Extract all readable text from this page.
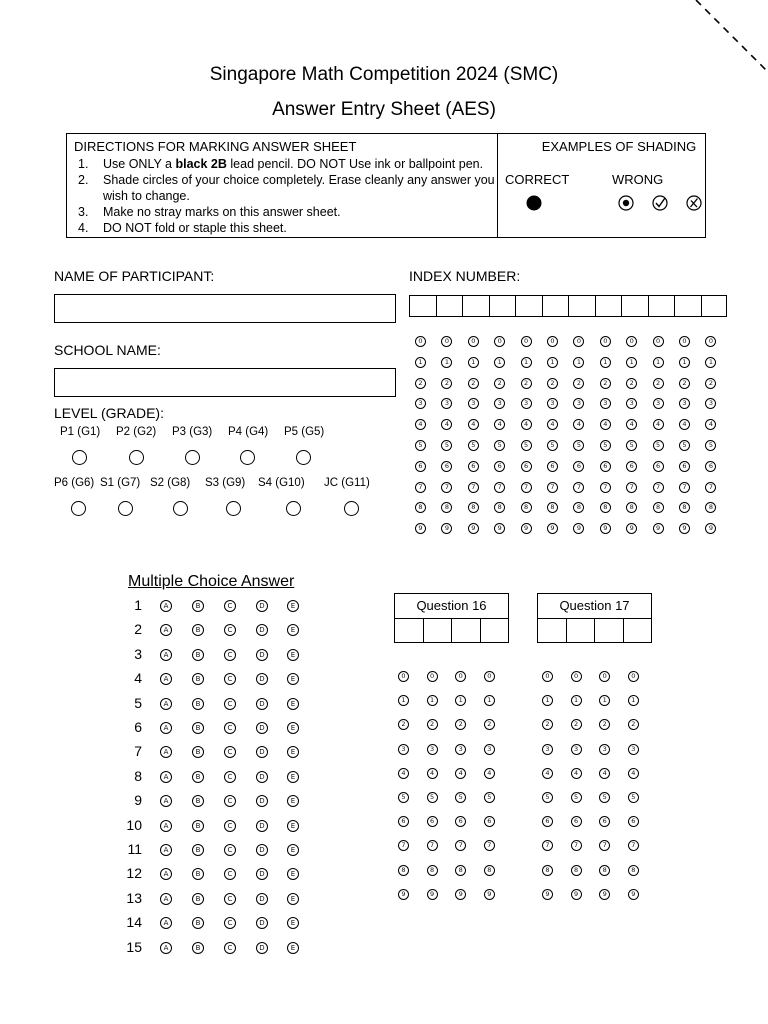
Singapore Math Competition 2024 (SMC)
Answer Entry Sheet (AES)
DIRECTIONS FOR MARKING ANSWER SHEET
1. Use ONLY a black 2B lead pencil. DO NOT Use ink or ballpoint pen.
2. Shade circles of your choice completely. Erase cleanly any answer you wish to change.
3. Make no stray marks on this answer sheet.
4. DO NOT fold or staple this sheet.
EXAMPLES OF SHADING
CORRECT	WRONG
NAME OF PARTICIPANT:
SCHOOL NAME:
INDEX NUMBER:
0	0	0	0	0	0	0	0	0	0	0	0
1	1	1	1	1	1	1	1	1	1	1	1
2	2	2	2	2	2	2	2	2	2	2	2
3	3	3	3	3	3	3	3	3	3	3	3
4	4	4	4	4	4	4	4	4	4	4	4
5	5	5	5	5	5	5	5	5	5	5	5
6	6	6	6	6	6	6	6	6	6	6	6
7	7	7	7	7	7	7	7	7	7	7	7
8	8	8	8	8	8	8	8	8	8	8	8
9	9	9	9	9	9	9	9	9	9	9	9
LEVEL (GRADE):
P1 (G1) P2 (G2) P3 (G3) P4 (G4) P5 (G5)
P6 (G6) S1 (G7) S2 (G8) S3 (G9) S4 (G10) JC (G11)
Multiple Choice Answer
1	A	B	C	D	E
2	A	B	C	D	E
3	A	B	C	D	E
4	A	B	C	D	E
5	A	B	C	D	E
6	A	B	C	D	E
7	A	B	C	D	E
8	A	B	C	D	E
9	A	B	C	D	E
10	A	B	C	D	E
11	A	B	C	D	E
12	A	B	C	D	E
13	A	B	C	D	E
14	A	B	C	D	E
15	A	B	C	D	E
Question 16	Question 17
0	0	0	0
1	1	1	1
2	2	2	2
3	3	3	3
4	4	4	4
5	5	5	5
6	6	6	6
7	7	7	7
8	8	8	8
9	9	9	9
0	0	0	0
1	1	1	1
2	2	2	2
3	3	3	3
4	4	4	4
5	5	5	5
6	6	6	6
7	7	7	7
8	8	8	8
9	9	9	9
